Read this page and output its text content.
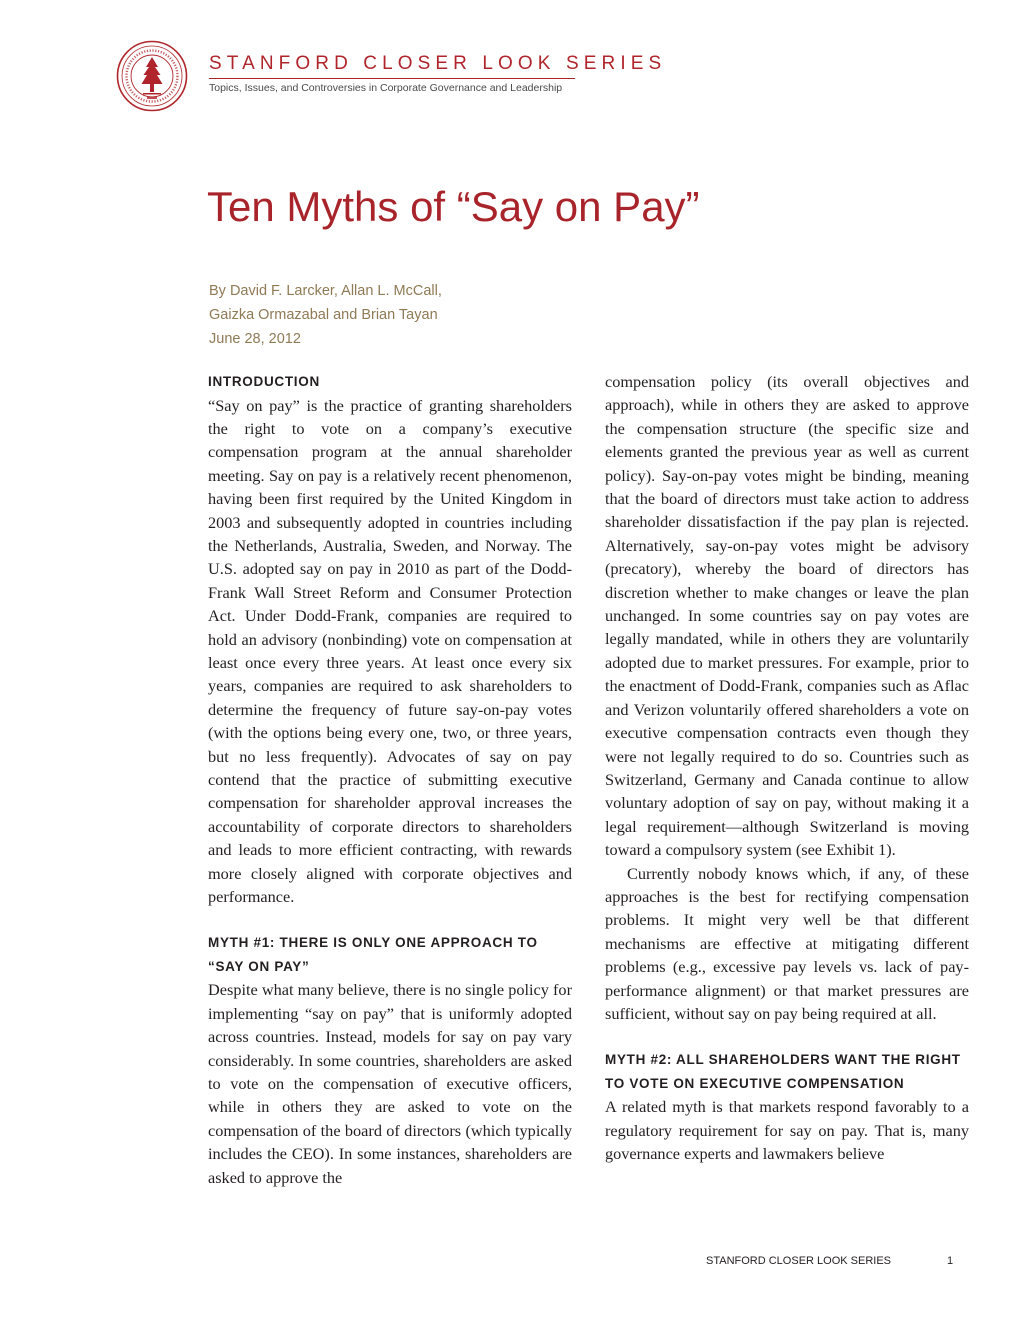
STANFORD CLOSER LOOK SERIES
Topics, Issues, and Controversies in Corporate Governance and Leadership
Ten Myths of “Say on Pay”
By David F. Larcker, Allan L. McCall,
Gaizka Ormazabal and Brian Tayan
June 28, 2012
INTRODUCTION

“Say on pay” is the practice of granting shareholders the right to vote on a company’s executive compensation program at the annual shareholder meeting. Say on pay is a relatively recent phenomenon, having been first required by the United Kingdom in 2003 and subsequently adopted in countries including the Netherlands, Australia, Sweden, and Norway. The U.S. adopted say on pay in 2010 as part of the Dodd-Frank Wall Street Reform and Consumer Protection Act. Under Dodd-Frank, companies are required to hold an advisory (nonbinding) vote on compensation at least once every three years. At least once every six years, companies are required to ask shareholders to determine the frequency of future say-on-pay votes (with the options being every one, two, or three years, but no less frequently). Advocates of say on pay contend that the practice of submitting executive compensation for shareholder approval increases the accountability of corporate directors to shareholders and leads to more efficient contracting, with rewards more closely aligned with corporate objectives and performance.

MYTH #1: THERE IS ONLY ONE APPROACH TO “SAY ON PAY”

Despite what many believe, there is no single policy for implementing “say on pay” that is uniformly adopted across countries. Instead, models for say on pay vary considerably. In some countries, shareholders are asked to vote on the compensation of executive officers, while in others they are asked to vote on the compensation of the board of directors (which typically includes the CEO). In some instances, shareholders are asked to approve the

compensation policy (its overall objectives and approach), while in others they are asked to approve the compensation structure (the specific size and elements granted the previous year as well as current policy). Say-on-pay votes might be binding, meaning that the board of directors must take action to address shareholder dissatisfaction if the pay plan is rejected. Alternatively, say-on-pay votes might be advisory (precatory), whereby the board of directors has discretion whether to make changes or leave the plan unchanged. In some countries say on pay votes are legally mandated, while in others they are voluntarily adopted due to market pressures. For example, prior to the enactment of Dodd-Frank, companies such as Aflac and Verizon voluntarily offered shareholders a vote on executive compensation contracts even though they were not legally required to do so. Countries such as Switzerland, Germany and Canada continue to allow voluntary adoption of say on pay, without making it a legal requirement—although Switzerland is moving toward a compulsory system (see Exhibit 1).

Currently nobody knows which, if any, of these approaches is the best for rectifying compensation problems. It might very well be that different mechanisms are effective at mitigating different problems (e.g., excessive pay levels vs. lack of pay-performance alignment) or that market pressures are sufficient, without say on pay being required at all.

MYTH #2: ALL SHAREHOLDERS WANT THE RIGHT TO VOTE ON EXECUTIVE COMPENSATION

A related myth is that markets respond favorably to a regulatory requirement for say on pay. That is, many governance experts and lawmakers believe

STANFORD CLOSER LOOK SERIES	1
